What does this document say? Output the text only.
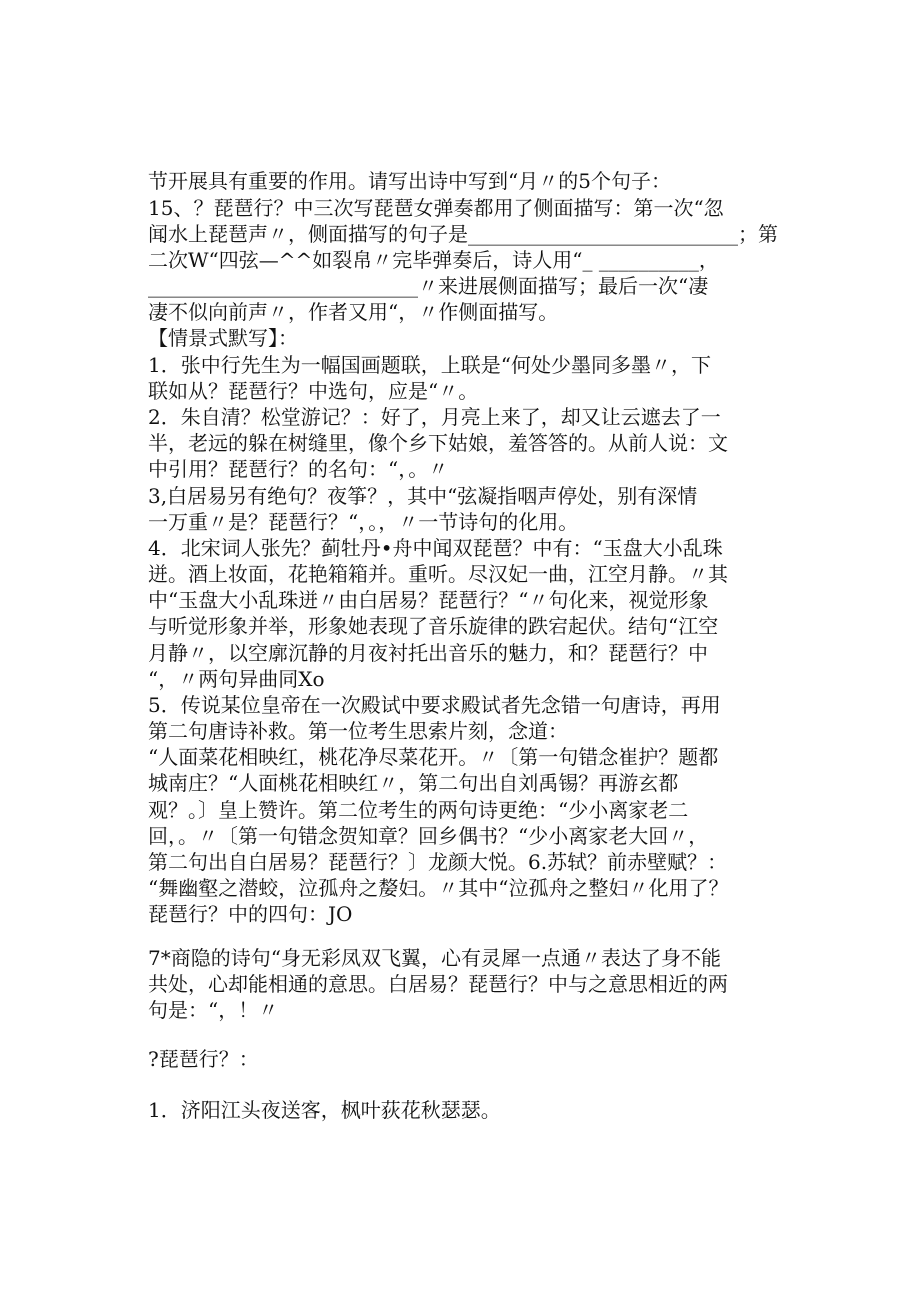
节开展具有重要的作用。请写出诗中写到“月〃的5个句子：
15、？琵琶行？中三次写琵琶女弹奏都用了侧面描写：第一次“忽
闻水上琵琶声〃，侧面描写的句子是___________________________；第
二次W“四弦—^^如裂帛〃完毕弹奏后，诗人用“_ __________，
___________________________〃来进展侧面描写；最后一次“凄
凄不似向前声〃，作者又用“，〃作侧面描写。
【情景式默写】：
1．张中行先生为一幅国画题联，上联是“何处少墨同多墨〃，下
联如从？琵琶行？中选句，应是“〃。
2．朱自清？松堂游记？：好了，月亮上来了，却又让云遮去了一
半，老远的躲在树缝里，像个乡下姑娘，羞答答的。从前人说：文
中引用？琵琶行？的名句：“，。〃
3,白居易另有绝句？夜筝？，其中“弦凝指咽声停处，别有深情
一万重〃是？琵琶行？“，。，〃一节诗句的化用。
4．北宋词人张先？蓟牡丹•舟中闻双琵琶？中有：“玉盘大小乱珠
迸。酒上妆面，花艳箱箱并。重听。尽汉妃一曲，江空月静。〃其
中“玉盘大小乱珠迸〃由白居易？琵琶行？“〃句化来，视觉形象
与听觉形象并举，形象她表现了音乐旋律的跌宕起伏。结句“江空
月静〃，以空廓沉静的月夜衬托出音乐的魅力，和？琵琶行？中
“，〃两句异曲同Xo
5．传说某位皇帝在一次殿试中要求殿试者先念错一句唐诗，再用
第二句唐诗补救。第一位考生思索片刻，念道：
“人面菜花相映红，桃花净尽菜花开。〃〔第一句错念崔护？题都
城南庄？“人面桃花相映红〃，第二句出自刘禹锡？再游玄都
观？。〕皇上赞许。第二位考生的两句诗更绝：“少小离家老二
回，。〃〔第一句错念贺知章？回乡偶书？“少小离家老大回〃，
第二句出自白居易？琵琶行？〕龙颜大悦。6.苏轼？前赤壁赋？：
“舞幽壑之潜蛟，泣孤舟之嫠妇。〃其中“泣孤舟之整妇〃化用了？
琵琶行？中的四句：JO
7*商隐的诗句“身无彩凤双飞翼，心有灵犀一点通〃表达了身不能
共处，心却能相通的意思。白居易？琵琶行？中与之意思相近的两
句是：“，！〃
?琵琶行？：
1．济阳江头夜送客，枫叶荻花秋瑟瑟。
